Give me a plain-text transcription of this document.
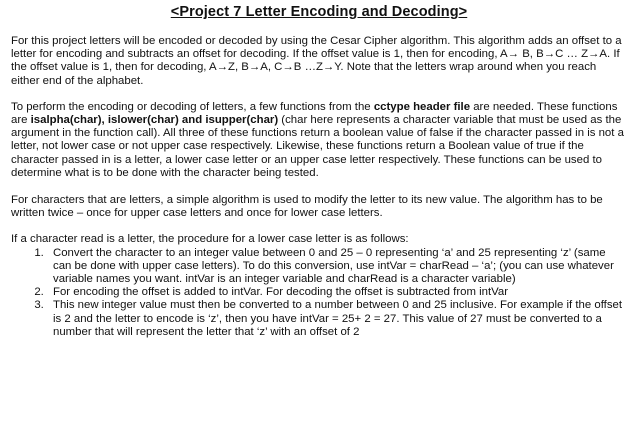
<Project 7 Letter Encoding and Decoding>

For this project letters will be encoded or decoded by using the Cesar Cipher algorithm. This algorithm adds an offset to a letter for encoding and subtracts an offset for decoding. If the offset value is 1, then for encoding, A→ B, B→C … Z→A. If the offset value is 1, then for decoding, A→Z, B→A, C→B …Z→Y. Note that the letters wrap around when you reach either end of the alphabet.

To perform the encoding or decoding of letters, a few functions from the cctype header file are needed. These functions are isalpha(char), islower(char) and isupper(char) (char here represents a character variable that must be used as the argument in the function call). All three of these functions return a boolean value of false if the character passed in is not a letter, not lower case or not upper case respectively. Likewise, these functions return a Boolean value of true if the character passed in is a letter, a lower case letter or an upper case letter respectively. These functions can be used to determine what is to be done with the character being tested.

For characters that are letters, a simple algorithm is used to modify the letter to its new value. The algorithm has to be written twice – once for upper case letters and once for lower case letters.

If a character read is a letter, the procedure for a lower case letter is as follows:

1. Convert the character to an integer value between 0 and 25 – 0 representing ‘a’ and 25 representing ‘z’ (same can be done with upper case letters). To do this conversion, use intVar = charRead – ‘a’; (you can use whatever variable names you want. intVar is an integer variable and charRead is a character variable)
2. For encoding the offset is added to intVar. For decoding the offset is subtracted from intVar
3. This new integer value must then be converted to a number between 0 and 25 inclusive. For example if the offset is 2 and the letter to encode is ‘z’, then you have intVar = 25+ 2 = 27. This value of 27 must be converted to a number that will represent the letter that ‘z’ with an offset of 2
